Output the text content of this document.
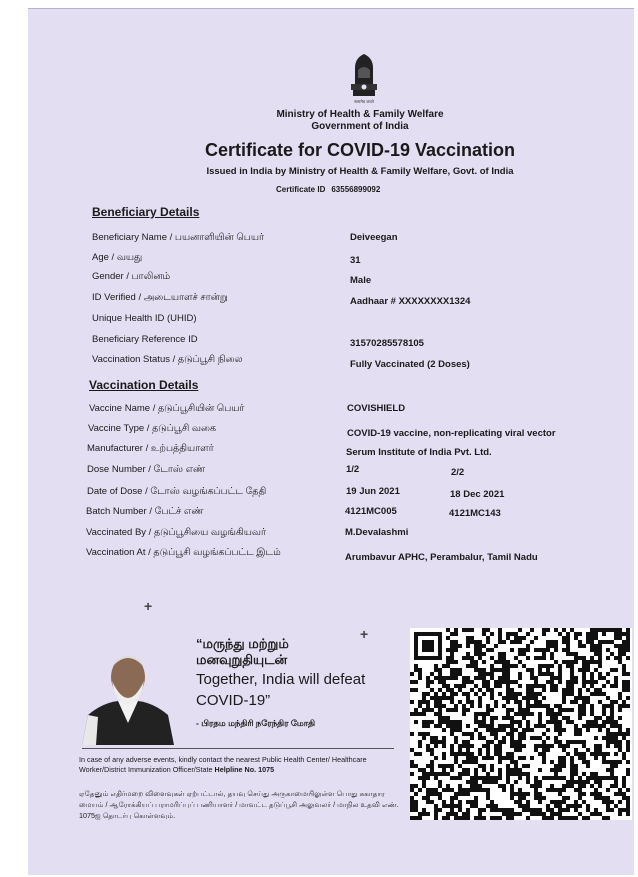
सत्यमेव जयते
Ministry of Health & Family Welfare
Government of India
Certificate for COVID-19 Vaccination
Issued in India by Ministry of Health & Family Welfare, Govt. of India
Certificate ID 63556899092
Beneficiary Details
Beneficiary Name / பயனாளியின் பெயர்	Deiveegan
Age / வயது	31
Gender / பாலினம்	Male
ID Verified / அடையாளச் சான்று	Aadhaar # XXXXXXXX1324
Unique Health ID (UHID)
Beneficiary Reference ID	31570285578105
Vaccination Status / தடுப்பூசி நிலை	Fully Vaccinated (2 Doses)
Vaccination Details
Vaccine Name / தடுப்பூசியின் பெயர்	COVISHIELD
Vaccine Type / தடுப்பூசி வகை	COVID-19 vaccine, non-replicating viral vector
Manufacturer / உற்பத்தியாளர்	Serum Institute of India Pvt. Ltd.
Dose Number / டோஸ் எண்	1/2	2/2
Date of Dose / டோஸ் வழங்கப்பட்ட தேதி	19 Jun 2021	18 Dec 2021
Batch Number / பேட்ச் எண்	4121MC005	4121MC143
Vaccinated By / தடுப்பூசியை வழங்கியவர்	M.Devalashmi
Vaccination At / தடுப்பூசி வழங்கப்பட்ட இடம்	Arumbavur APHC, Perambalur, Tamil Nadu
+
+
“மருந்து மற்றும்
மனவுறுதியுடன்
Together, India will defeat
COVID-19”
- பிரதம மந்திரி நரேந்திர மோதி
In case of any adverse events, kindly contact the nearest Public Health Center/ Healthcare Worker/District Immunization Officer/State Helpline No. 1075
ஏதேனும் எதிர்மறை விளைவுகள் ஏற்பட்டால், தயவு செய்து அருகாமையிலுள்ள பொது சுகாதார மையம் / ஆரோக்கியப் பராமரிப்புப் பணியாளர் / மாவட்ட தடுப்பூசி அலுவலர் / மாநில உதவி எண். 1075ஐ தொடர்பு கொள்ளவும்.
